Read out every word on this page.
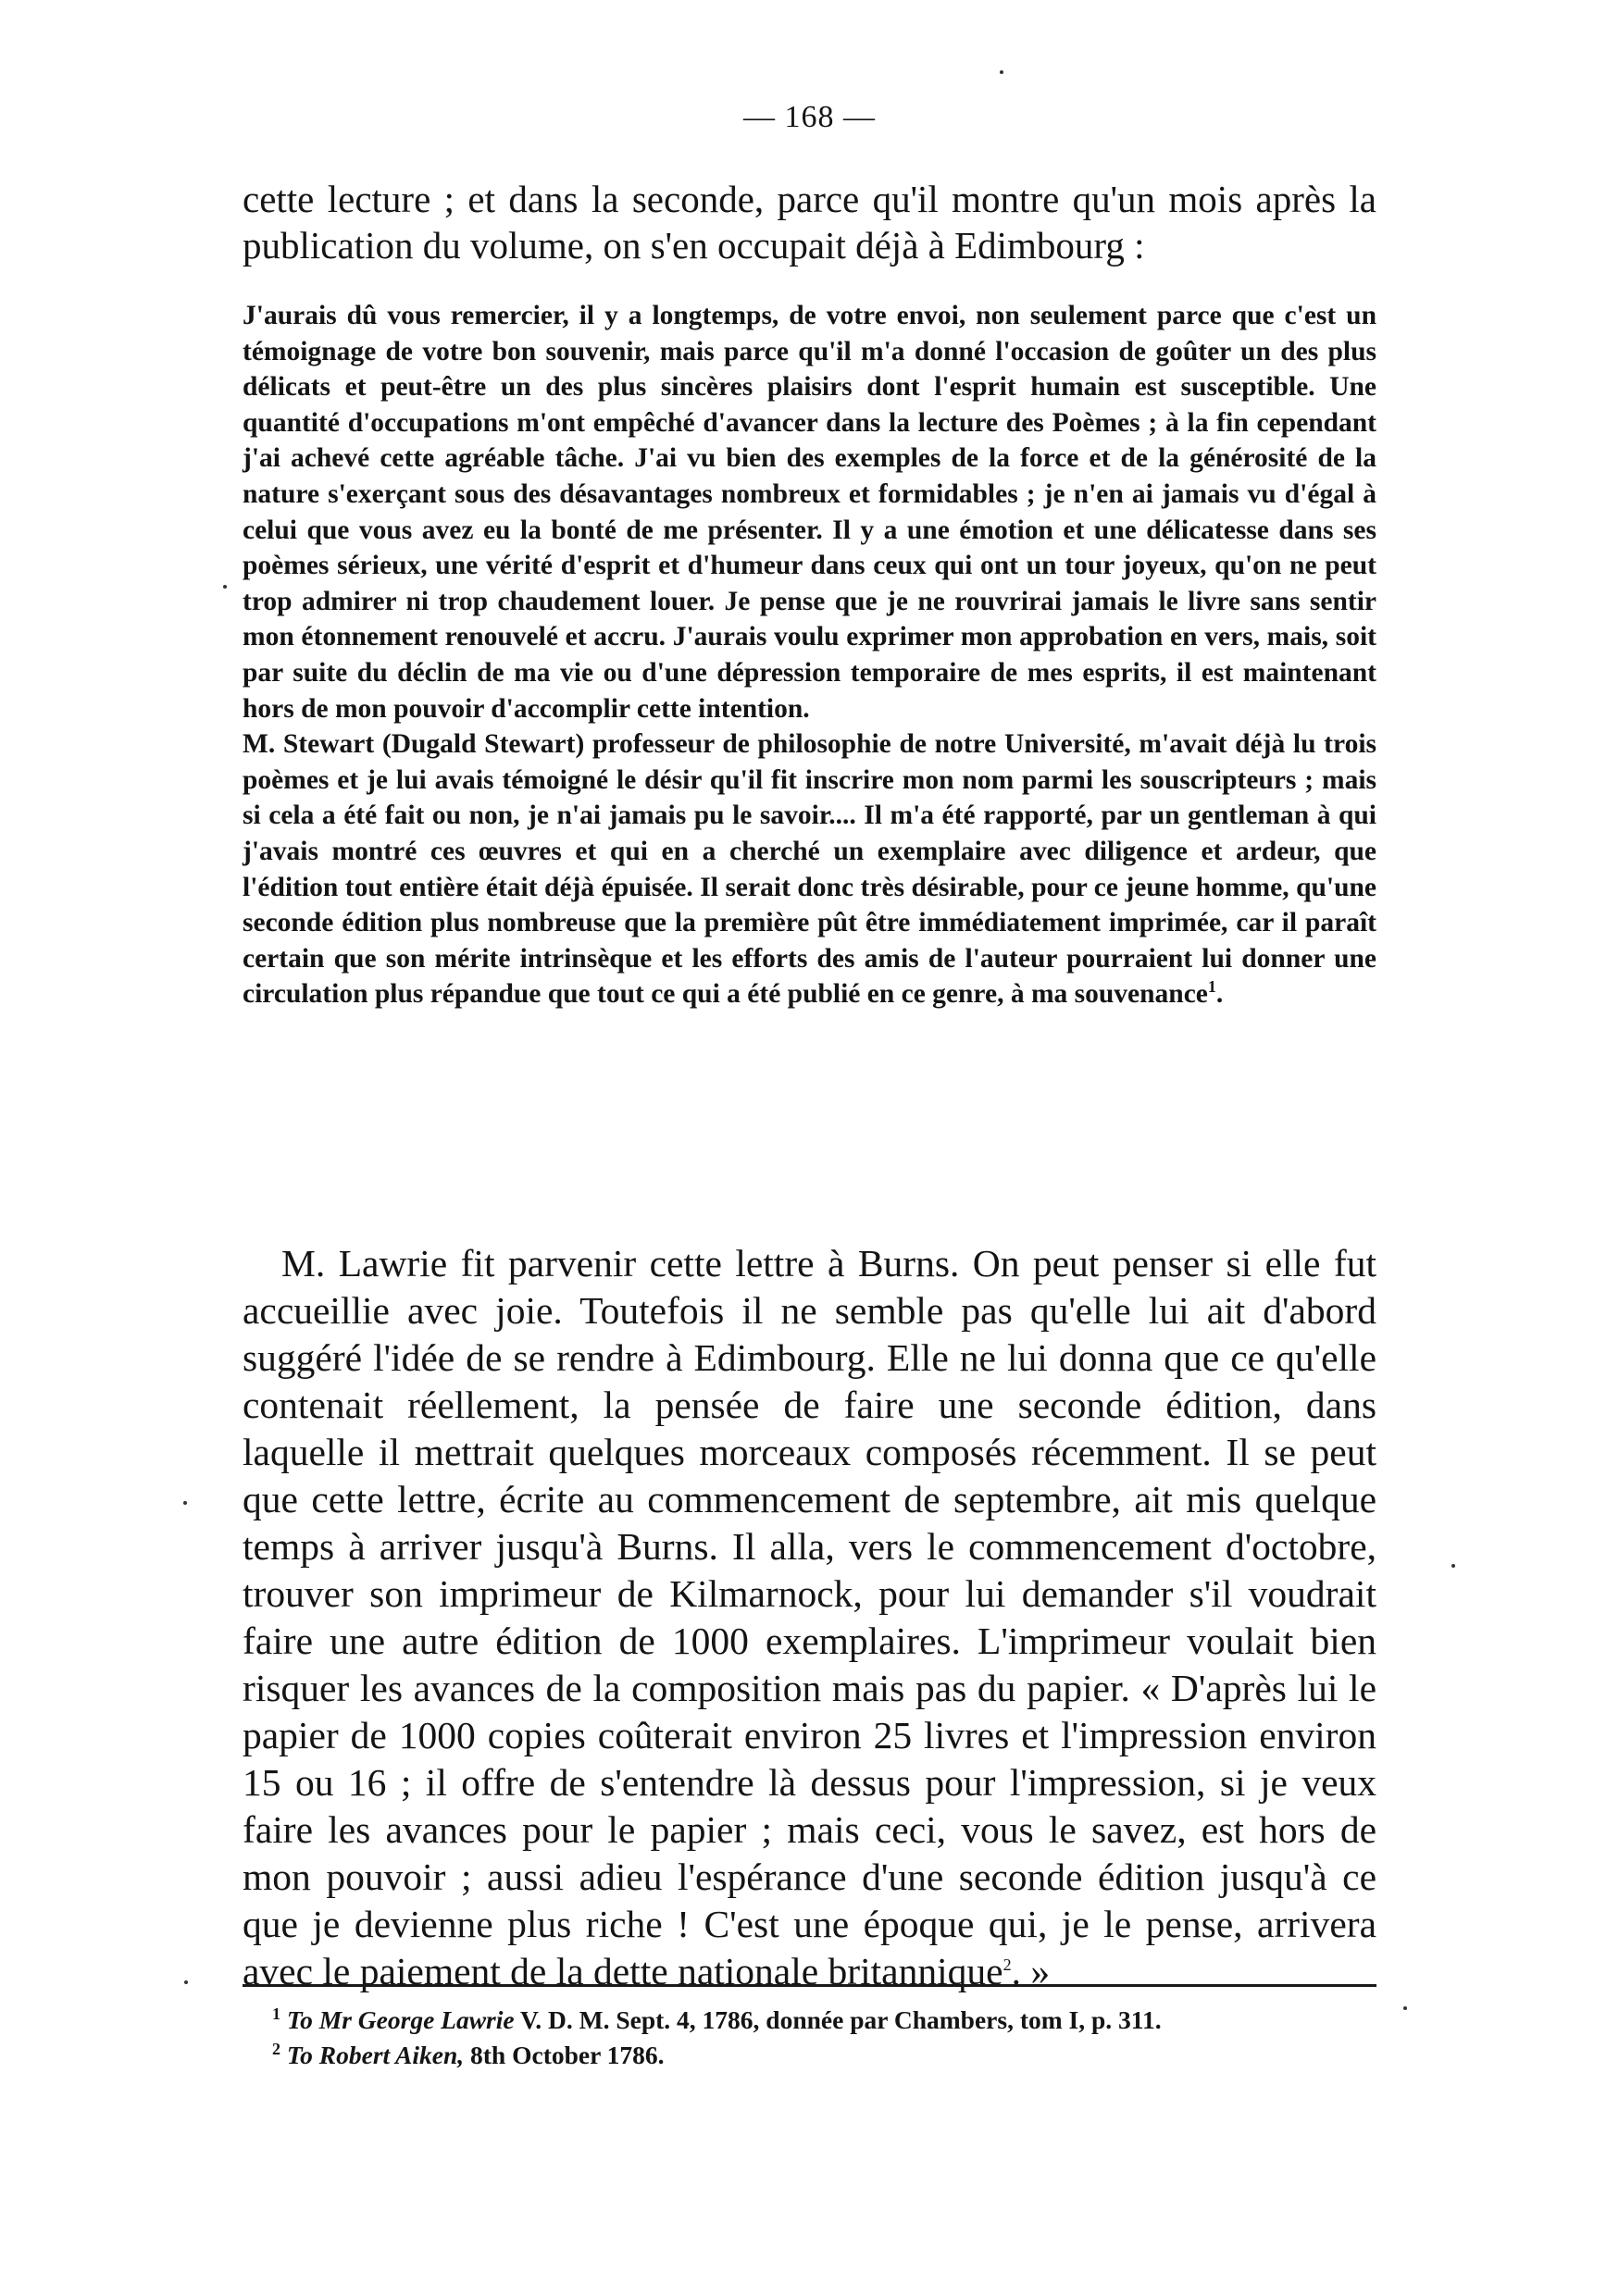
— 168 —
cette lecture ; et dans la seconde, parce qu'il montre qu'un mois après la publication du volume, on s'en occupait déjà à Edimbourg :

J'aurais dû vous remercier, il y a longtemps, de votre envoi, non seulement parce que c'est un témoignage de votre bon souvenir, mais parce qu'il m'a donné l'occasion de goûter un des plus délicats et peut-être un des plus sincères plaisirs dont l'esprit humain est susceptible. Une quantité d'occupations m'ont empêché d'avancer dans la lecture des Poèmes ; à la fin cependant j'ai achevé cette agréable tâche. J'ai vu bien des exemples de la force et de la générosité de la nature s'exerçant sous des désavantages nombreux et formidables ; je n'en ai jamais vu d'égal à celui que vous avez eu la bonté de me présenter. Il y a une émotion et une délicatesse dans ses poèmes sérieux, une vérité d'esprit et d'humeur dans ceux qui ont un tour joyeux, qu'on ne peut trop admirer ni trop chaudement louer. Je pense que je ne rouvrirai jamais le livre sans sentir mon étonnement renouvelé et accru. J'aurais voulu exprimer mon approbation en vers, mais, soit par suite du déclin de ma vie ou d'une dépression temporaire de mes esprits, il est maintenant hors de mon pouvoir d'accomplir cette intention.

M. Stewart (Dugald Stewart) professeur de philosophie de notre Université, m'avait déjà lu trois poèmes et je lui avais témoigné le désir qu'il fit inscrire mon nom parmi les souscripteurs ; mais si cela a été fait ou non, je n'ai jamais pu le savoir.... Il m'a été rapporté, par un gentleman à qui j'avais montré ces œuvres et qui en a cherché un exemplaire avec diligence et ardeur, que l'édition tout entière était déjà épuisée. Il serait donc très désirable, pour ce jeune homme, qu'une seconde édition plus nombreuse que la première pût être immédiatement imprimée, car il paraît certain que son mérite intrinsèque et les efforts des amis de l'auteur pourraient lui donner une circulation plus répandue que tout ce qui a été publié en ce genre, à ma souvenance$^1$.

M. Lawrie fit parvenir cette lettre à Burns. On peut penser si elle fut accueillie avec joie. Toutefois il ne semble pas qu'elle lui ait d'abord suggéré l'idée de se rendre à Edimbourg. Elle ne lui donna que ce qu'elle contenait réellement, la pensée de faire une seconde édition, dans laquelle il mettrait quelques morceaux composés récemment. Il se peut que cette lettre, écrite au commencement de septembre, ait mis quelque temps à arriver jusqu'à Burns. Il alla, vers le commencement d'octobre, trouver son imprimeur de Kilmarnock, pour lui demander s'il voudrait faire une autre édition de 1000 exemplaires. L'imprimeur voulait bien risquer les avances de la composition mais pas du papier. « D'après lui le papier de 1000 copies coûterait environ 25 livres et l'impression environ 15 ou 16 ; il offre de s'entendre là dessus pour l'impression, si je veux faire les avances pour le papier ; mais ceci, vous le savez, est hors de mon pouvoir ; aussi adieu l'espérance d'une seconde édition jusqu'à ce que je devienne plus riche ! C'est une époque qui, je le pense, arrivera avec le paiement de la dette nationale britannique$^2$. »

$^1$ To Mr George Lawrie V. D. M. Sept. 4, 1786, donnée par Chambers, tom I, p. 311.

$^2$ To Robert Aiken, 8th October 1786.
